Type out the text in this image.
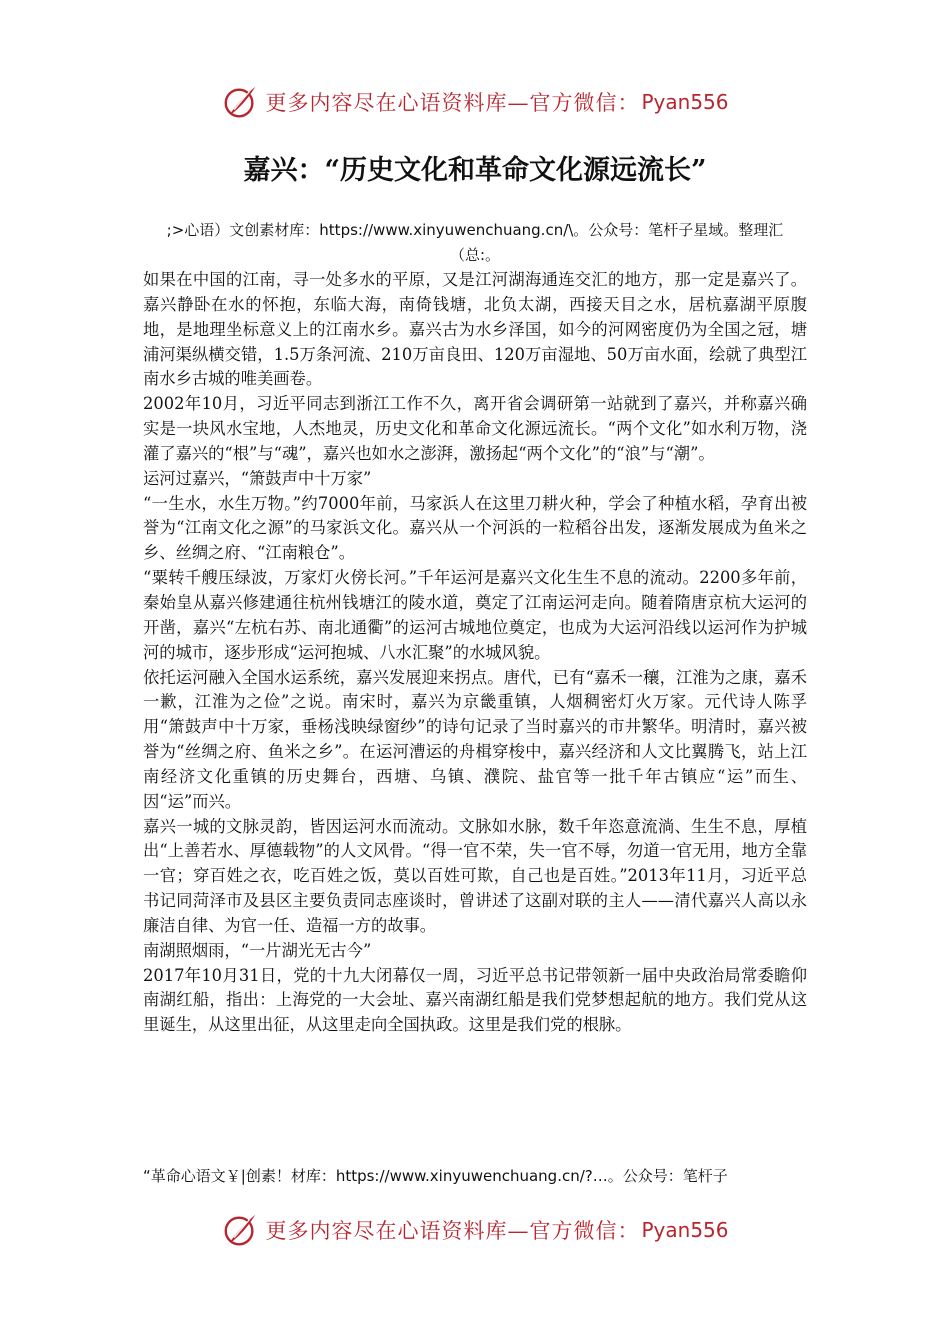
更多内容尽在心语资料库—官方微信： Pyan556
嘉兴：“历史文化和革命文化源远流长”
;>心语）文创素材库：https://www.xinyuwenchuang.cn/\。公众号：笔杆子星域。整理汇（总:。

如果在中国的江南，寻一处多水的平原，又是江河湖海通连交汇的地方，那一定是嘉兴了。嘉兴静卧在水的怀抱，东临大海，南倚钱塘，北负太湖，西接天目之水，居杭嘉湖平原腹地，是地理坐标意义上的江南水乡。嘉兴古为水乡泽国，如今的河网密度仍为全国之冠，塘浦河渠纵横交错，1.5万条河流、210万亩良田、120万亩湿地、50万亩水面，绘就了典型江南水乡古城的唯美画卷。

2002年10月，习近平同志到浙江工作不久，离开省会调研第一站就到了嘉兴，并称嘉兴确实是一块风水宝地，人杰地灵，历史文化和革命文化源远流长。“两个文化”如水利万物，浇灌了嘉兴的“根”与“魂”，嘉兴也如水之澎湃，激扬起“两个文化”的“浪”与“潮”。

运河过嘉兴，“箫鼓声中十万家”

“一生水，水生万物。”约7000年前，马家浜人在这里刀耕火种，学会了种植水稻，孕育出被誉为“江南文化之源”的马家浜文化。嘉兴从一个河浜的一粒稻谷出发，逐渐发展成为鱼米之乡、丝绸之府、“江南粮仓”。

“粟转千艘压绿波，万家灯火傍长河。”千年运河是嘉兴文化生生不息的流动。2200多年前，秦始皇从嘉兴修建通往杭州钱塘江的陵水道，奠定了江南运河走向。随着隋唐京杭大运河的开凿，嘉兴“左杭右苏、南北通衢”的运河古城地位奠定，也成为大运河沿线以运河作为护城河的城市，逐步形成“运河抱城、八水汇聚”的水城风貌。

依托运河融入全国水运系统，嘉兴发展迎来拐点。唐代，已有“嘉禾一穰，江淮为之康，嘉禾一歉，江淮为之俭”之说。南宋时，嘉兴为京畿重镇，人烟稠密灯火万家。元代诗人陈孚用“箫鼓声中十万家，垂杨浅映绿窗纱”的诗句记录了当时嘉兴的市井繁华。明清时，嘉兴被誉为“丝绸之府、鱼米之乡”。在运河漕运的舟楫穿梭中，嘉兴经济和人文比翼腾飞，站上江南经济文化重镇的历史舞台，西塘、乌镇、濮院、盐官等一批千年古镇应“运”而生、因“运”而兴。

嘉兴一城的文脉灵韵，皆因运河水而流动。文脉如水脉，数千年恣意流淌、生生不息，厚植出“上善若水、厚德载物”的人文风骨。“得一官不荣，失一官不辱，勿道一官无用，地方全靠一官；穿百姓之衣，吃百姓之饭，莫以百姓可欺，自己也是百姓。”2013年11月，习近平总书记同菏泽市及县区主要负责同志座谈时，曾讲述了这副对联的主人——清代嘉兴人高以永廉洁自律、为官一任、造福一方的故事。

南湖照烟雨，“一片湖光无古今”

2017年10月31日，党的十九大闭幕仅一周，习近平总书记带领新一届中央政治局常委瞻仰南湖红船，指出：上海党的一大会址、嘉兴南湖红船是我们党梦想起航的地方。我们党从这里诞生，从这里出征，从这里走向全国执政。这里是我们党的根脉。

“革命心语文￥|创素！材库：https://www.xinyuwenchuang.cn/?…。公众号：笔杆子
更多内容尽在心语资料库—官方微信： Pyan556
